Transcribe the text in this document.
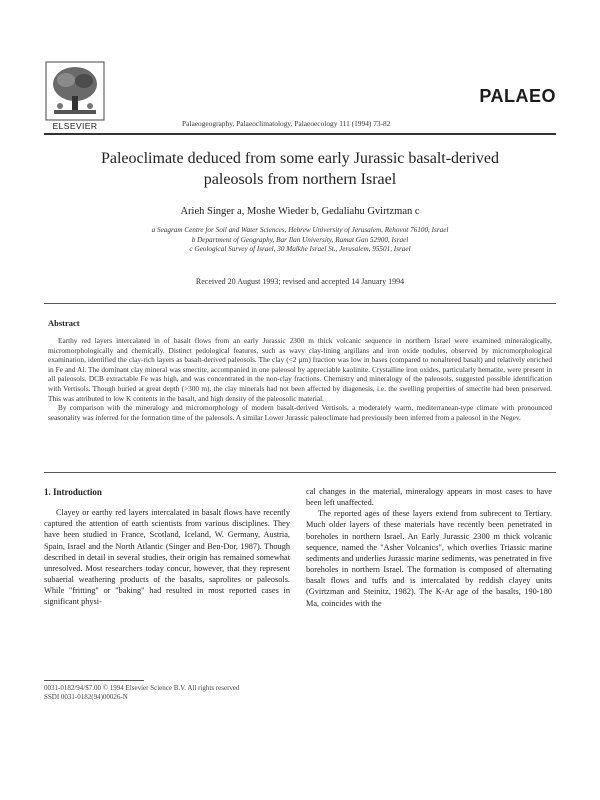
ELSEVIER
PALAEO
Palaeogeography, Palaeoclimatology, Palaeoecology 111 (1994) 73-82
Paleoclimate deduced from some early Jurassic basalt-derived
paleosols from northern Israel
Arieh Singer a, Moshe Wieder b, Gedaliahu Gvirtzman c
a Seagram Centre for Soil and Water Sciences, Hebrew University of Jerusalem, Rehovot 76100, Israel
b Department of Geography, Bar Ilan University, Ramat Gan 52900, Israel
c Geological Survey of Israel, 30 Malkhe Israel St., Jerusalem, 95501, Israel
Received 20 August 1993; revised and accepted 14 January 1994
Abstract

Earthy red layers intercalated in of basalt flows from an early Jurassic 2300 m thick volcanic sequence in northern Israel were examined mineralogically, micromorphologically and chemically. Distinct pedological features, such as wavy clay-lining argillans and iron oxide nodules, observed by micromorphological examination, identified the clay-rich layers as basalt-derived paleosols. The clay (<2 µm) fraction was low in bases (compared to nonaltered basalt) and relatively enriched in Fe and Al. The dominant clay mineral was smectite, accompanied in one paleosol by appreciable kaolinite. Crystalline iron oxides, particularly hematite, were present in all paleosols. DCB extractable Fe was high, and was concentrated in the non-clay fractions. Chemistry and mineralogy of the paleosols, suggested possible identification with Vertisols. Though buried at great depth (>300 m), the clay minerals had not been affected by diagenesis, i.e. the swelling properties of smectite had been preserved. This was attributed to low K contents in the basalt, and high density of the paleosolic material.

By comparison with the mineralogy and micromorphology of modern basalt-derived Vertisols, a moderately warm, mediterranean-type climate with pronounced seasonality was inferred for the formation time of the paleosols. A similar Lower Jurassic paleoclimate had previously been inferred from a paleosol in the Negev.

1. Introduction

Clayey or earthy red layers intercalated in basalt flows have recently captured the attention of earth scientists from various disciplines. They have been studied in France, Scotland, Iceland, W. Germany, Austria, Spain, Israel and the North Atlantic (Singer and Ben-Dor, 1987). Though described in detail in several studies, their origin has remained somewhat unresolved. Most researchers today concur, however, that they represent subaerial weathering products of the basalts, saprolites or paleosols. While "fritting" or "baking" had resulted in most reported cases in significant physi-

cal changes in the material, mineralogy appears in most cases to have been left unaffected.

The reported ages of these layers extend from subrecent to Tertiary. Much older layers of these materials have recently been penetrated in boreholes in northern Israel. An Early Jurassic 2300 m thick volcanic sequence, named the "Asher Volcanics", which overlies Triassic marine sediments and underlies Jurassic marine sediments, was penetrated in five boreholes in northern Israel. The formation is composed of alternating basalt flows and tuffs and is intercalated by reddish clayey units (Gvirtzman and Steinitz, 1982). The K-Ar age of the basalts, 190-180 Ma, coincides with the

0031-0182/94/$7.00 © 1994 Elsevier Science B.V. All rights reserved
SSDI 0031-0182(94)00026-N
